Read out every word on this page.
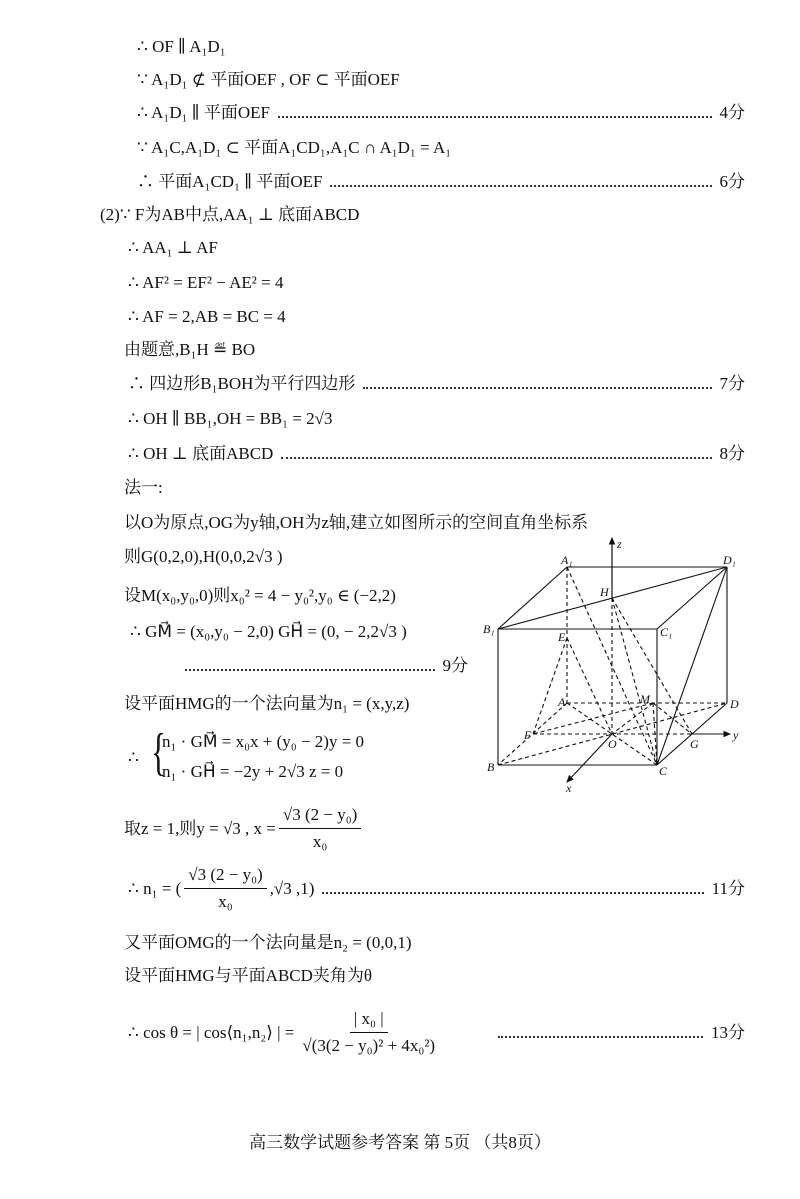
∴ OF ∥ A₁D₁
∵ A₁D₁ ⊄ 平面OEF , OF ⊂ 平面OEF
∴ A₁D₁ ∥ 平面OEF	4分
∵ A₁C,A₁D₁ ⊂ 平面A₁CD₁,A₁C ∩ A₁D₁ = A₁
∴ 平面A₁CD₁ ∥ 平面OEF	6分
(2)∵ F为AB中点,AA₁ ⊥ 底面ABCD
∴ AA₁ ⊥ AF
∴ AF² = EF² − AE² = 4
∴ AF = 2,AB = BC = 4
由题意,B₁H ≝ BO
∴ 四边形B₁BOH为平行四边形	7分
∴ OH ∥ BB₁,OH = BB₁ = 2√3
∴ OH ⊥ 底面ABCD	8分
法一:
以O为原点,OG为y轴,OH为z轴,建立如图所示的空间直角坐标系
则G(0,2,0),H(0,0,2√3 )
设M(x₀,y₀,0)则x₀² = 4 − y₀²,y₀ ∈ (−2,2)
∴ GM⃗ = (x₀,y₀ − 2,0) GH⃗ = (0, − 2,2√3 )
9分
设平面HMG的一个法向量为n₁ = (x,y,z)
∴ {
n₁ · GM⃗ = x₀x + (y₀ − 2)y = 0
n₁ · GH⃗ = −2y + 2√3 z = 0
取z = 1,则y = √3 , $x = \frac{\text{√3 (2 − y₀)}}{\text{x₀}}$
∴ n₁ = ( $\frac{\text{√3 (2 − y₀)}}{\text{x₀}} ,√3$ ,1)	11分
又平面OMG的一个法向量是n₂ = (0,0,1)
设平面HMG与平面ABCD夹角为θ
∴ cos θ = | cos⟨n₁,n₂⟩ | = $\frac{\text{| x₀ |}}{\text{√(3(2 − y₀)² + 4x₀²)}}$	13分
A₁	D₁
H
B₁	C₁
E
A	M	D
F
O	G
B	C
x
y
z
高三数学试题参考答案 第 5页 （共8页）
